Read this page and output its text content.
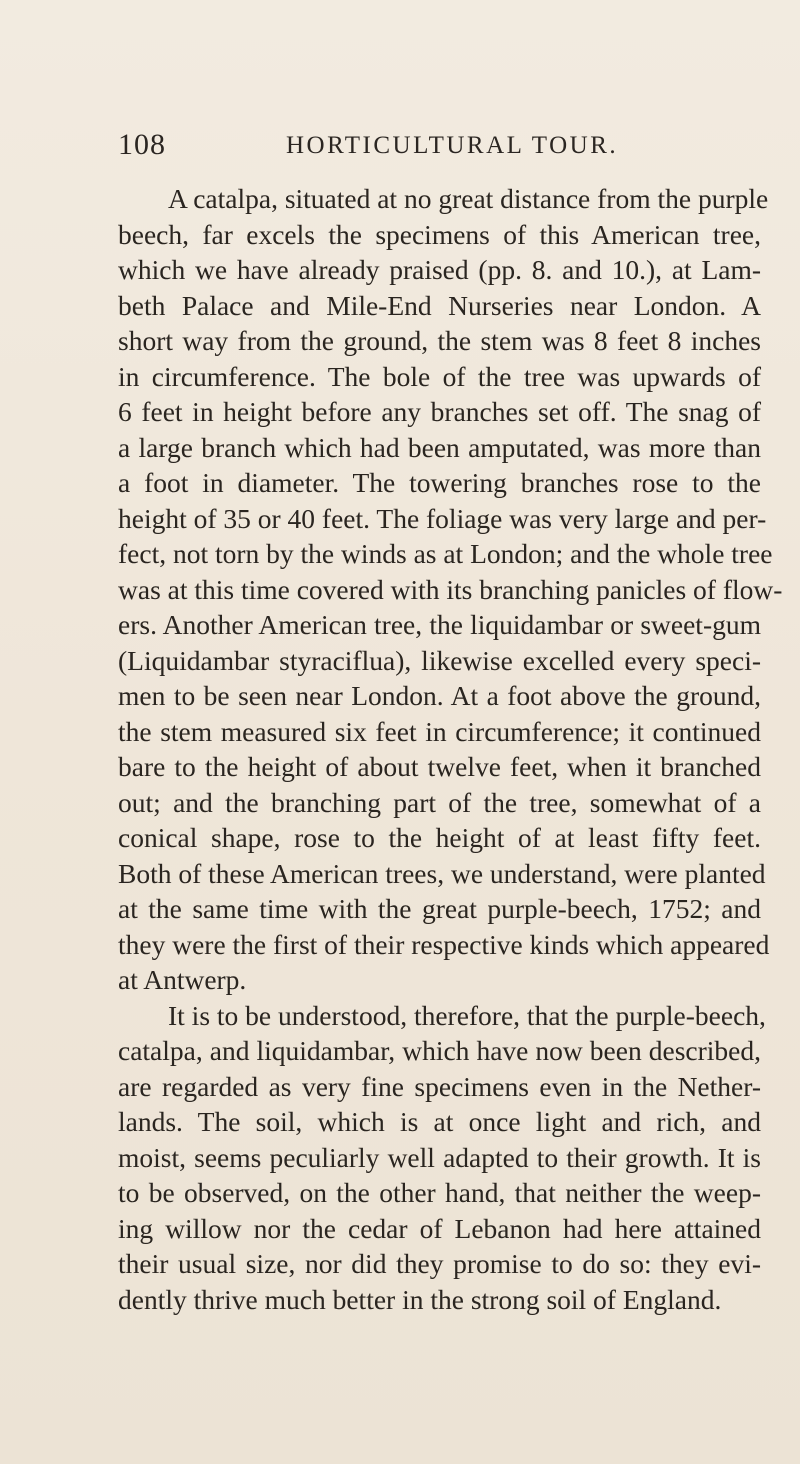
108	HORTICULTURAL TOUR.
A catalpa, situated at no great distance from the purple
beech, far excels the specimens of this American tree,
which we have already praised (pp. 8. and 10.), at Lam-
beth Palace and Mile-End Nurseries near London. A
short way from the ground, the stem was 8 feet 8 inches
in circumference. The bole of the tree was upwards of
6 feet in height before any branches set off. The snag of
a large branch which had been amputated, was more than
a foot in diameter. The towering branches rose to the
height of 35 or 40 feet. The foliage was very large and per-
fect, not torn by the winds as at London; and the whole tree
was at this time covered with its branching panicles of flow-
ers. Another American tree, the liquidambar or sweet-gum
(Liquidambar styraciflua), likewise excelled every speci-
men to be seen near London. At a foot above the ground,
the stem measured six feet in circumference; it continued
bare to the height of about twelve feet, when it branched
out; and the branching part of the tree, somewhat of a
conical shape, rose to the height of at least fifty feet.
Both of these American trees, we understand, were planted
at the same time with the great purple-beech, 1752; and
they were the first of their respective kinds which appeared
at Antwerp.
It is to be understood, therefore, that the purple-beech,
catalpa, and liquidambar, which have now been described,
are regarded as very fine specimens even in the Nether-
lands. The soil, which is at once light and rich, and
moist, seems peculiarly well adapted to their growth. It is
to be observed, on the other hand, that neither the weep-
ing willow nor the cedar of Lebanon had here attained
their usual size, nor did they promise to do so: they evi-
dently thrive much better in the strong soil of England.
